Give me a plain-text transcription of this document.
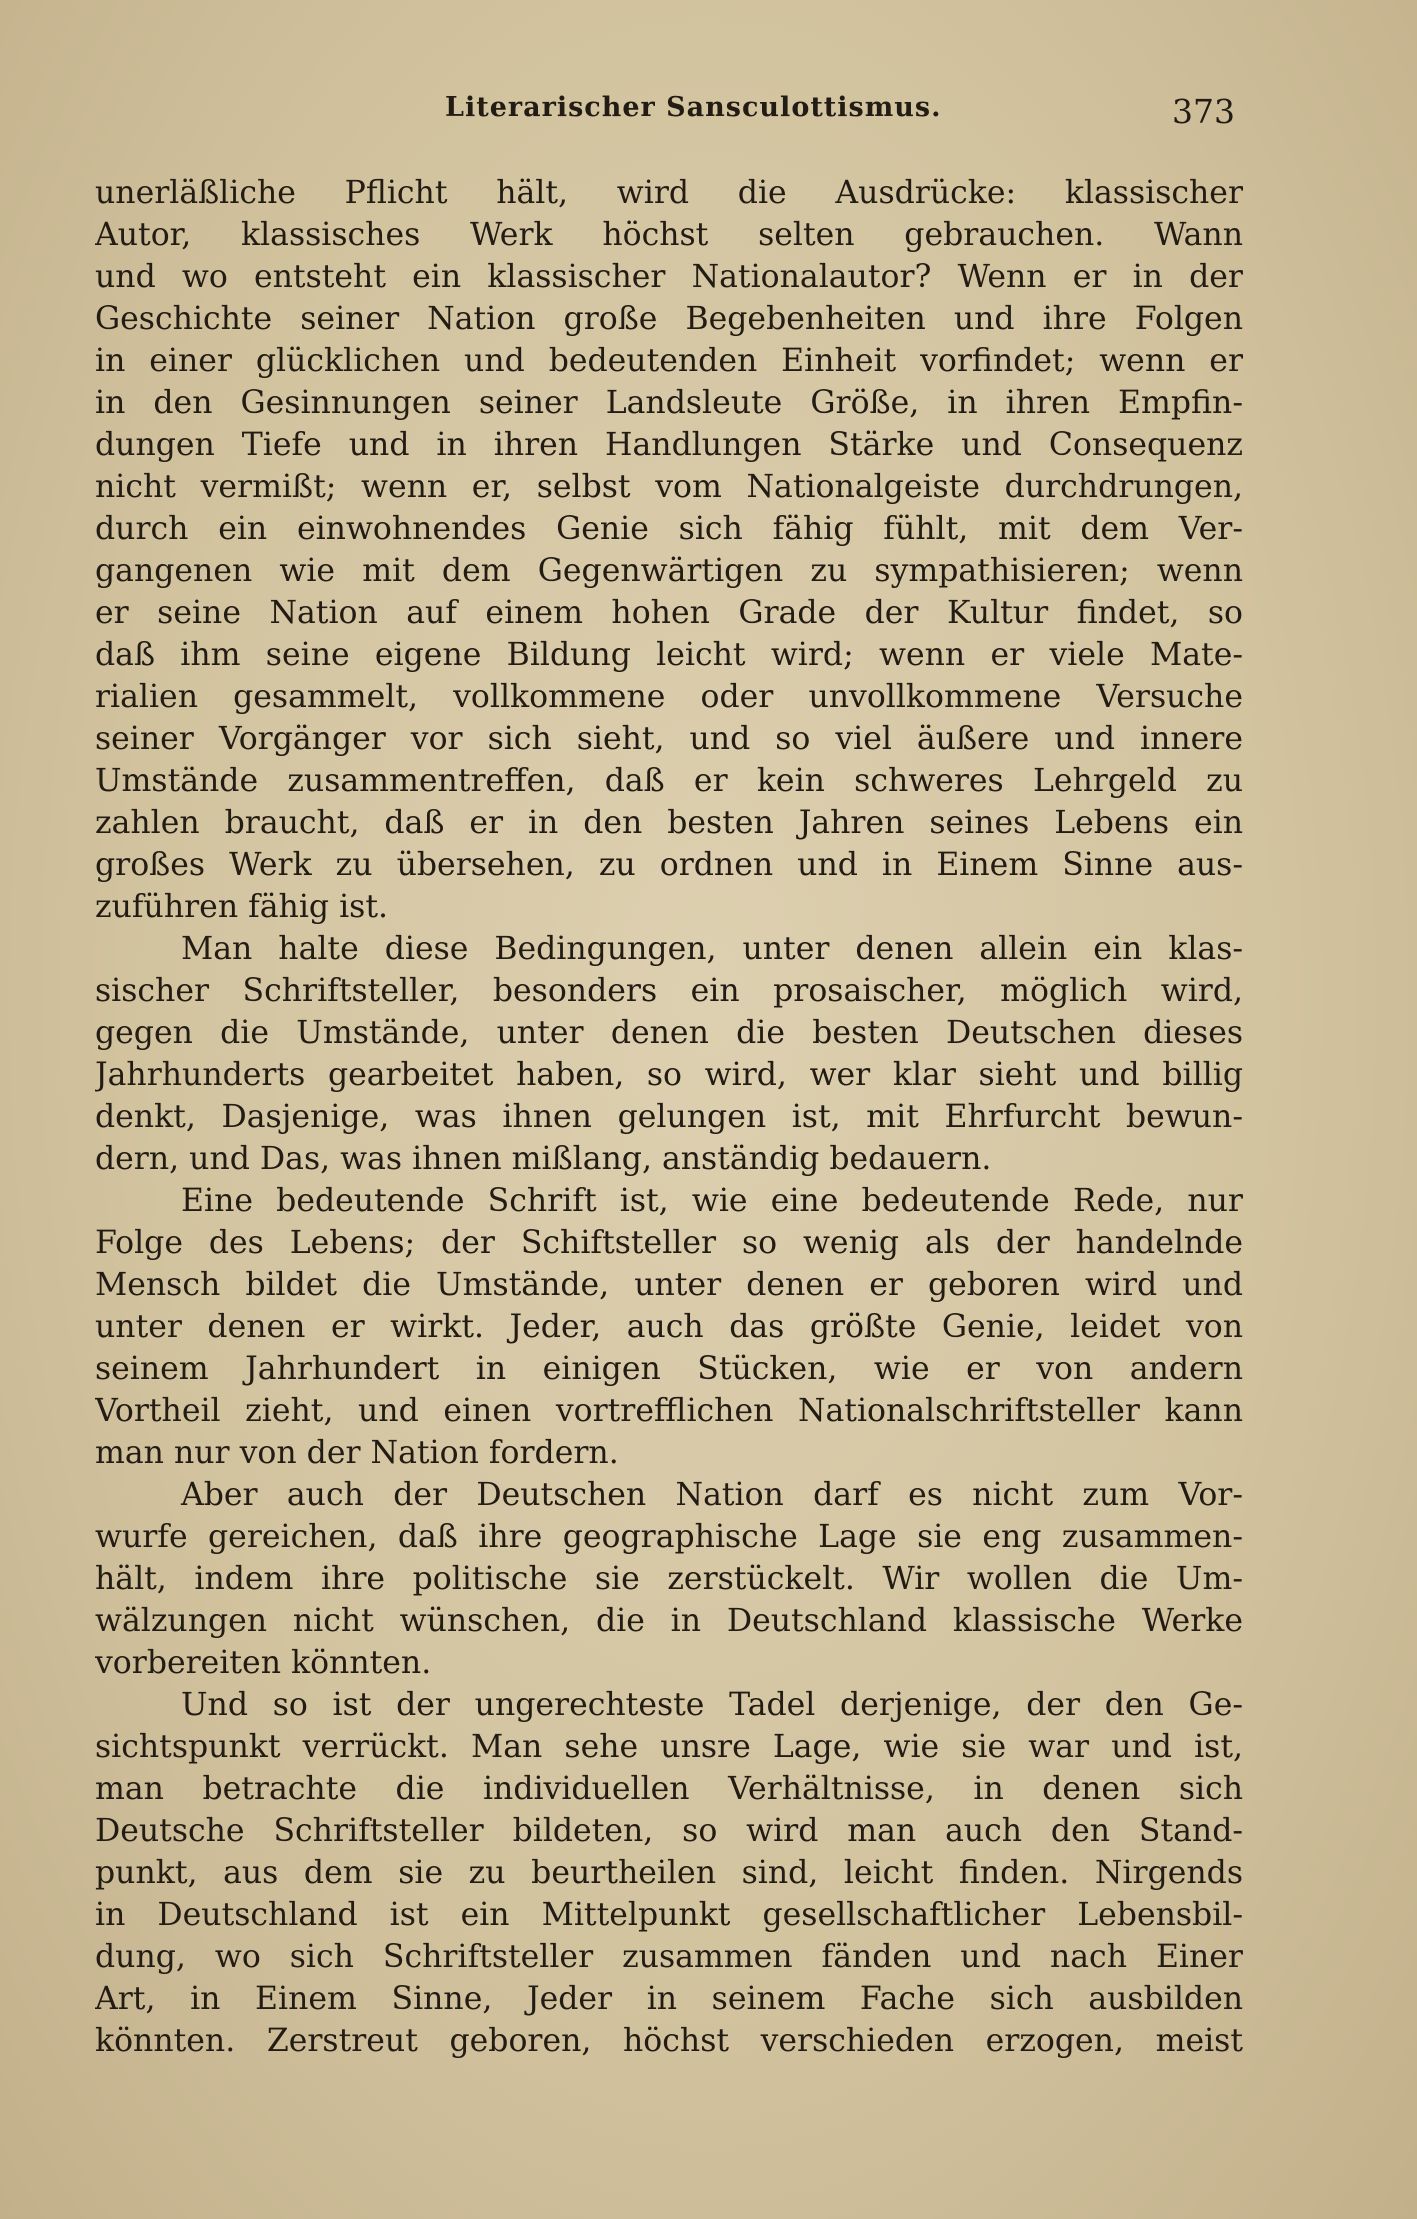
Literarischer Sansculottismus.	373
unerläßliche Pflicht hält, wird die Ausdrücke: klassischer
Autor, klassisches Werk höchst selten gebrauchen. Wann
und wo entsteht ein klassischer Nationalautor? Wenn er in der
Geschichte seiner Nation große Begebenheiten und ihre Folgen
in einer glücklichen und bedeutenden Einheit vorfindet; wenn er
in den Gesinnungen seiner Landsleute Größe, in ihren Empfin-
dungen Tiefe und in ihren Handlungen Stärke und Consequenz
nicht vermißt; wenn er, selbst vom Nationalgeiste durchdrungen,
durch ein einwohnendes Genie sich fähig fühlt, mit dem Ver-
gangenen wie mit dem Gegenwärtigen zu sympathisieren; wenn
er seine Nation auf einem hohen Grade der Kultur findet, so
daß ihm seine eigene Bildung leicht wird; wenn er viele Mate-
rialien gesammelt, vollkommene oder unvollkommene Versuche
seiner Vorgänger vor sich sieht, und so viel äußere und innere
Umstände zusammentreffen, daß er kein schweres Lehrgeld zu
zahlen braucht, daß er in den besten Jahren seines Lebens ein
großes Werk zu übersehen, zu ordnen und in Einem Sinne aus-
zuführen fähig ist.
Man halte diese Bedingungen, unter denen allein ein klas-
sischer Schriftsteller, besonders ein prosaischer, möglich wird,
gegen die Umstände, unter denen die besten Deutschen dieses
Jahrhunderts gearbeitet haben, so wird, wer klar sieht und billig
denkt, Dasjenige, was ihnen gelungen ist, mit Ehrfurcht bewun-
dern, und Das, was ihnen mißlang, anständig bedauern.
Eine bedeutende Schrift ist, wie eine bedeutende Rede, nur
Folge des Lebens; der Schiftsteller so wenig als der handelnde
Mensch bildet die Umstände, unter denen er geboren wird und
unter denen er wirkt. Jeder, auch das größte Genie, leidet von
seinem Jahrhundert in einigen Stücken, wie er von andern
Vortheil zieht, und einen vortrefflichen Nationalschriftsteller kann
man nur von der Nation fordern.
Aber auch der Deutschen Nation darf es nicht zum Vor-
wurfe gereichen, daß ihre geographische Lage sie eng zusammen-
hält, indem ihre politische sie zerstückelt. Wir wollen die Um-
wälzungen nicht wünschen, die in Deutschland klassische Werke
vorbereiten könnten.
Und so ist der ungerechteste Tadel derjenige, der den Ge-
sichtspunkt verrückt. Man sehe unsre Lage, wie sie war und ist,
man betrachte die individuellen Verhältnisse, in denen sich
Deutsche Schriftsteller bildeten, so wird man auch den Stand-
punkt, aus dem sie zu beurtheilen sind, leicht finden. Nirgends
in Deutschland ist ein Mittelpunkt gesellschaftlicher Lebensbil-
dung, wo sich Schriftsteller zusammen fänden und nach Einer
Art, in Einem Sinne, Jeder in seinem Fache sich ausbilden
könnten. Zerstreut geboren, höchst verschieden erzogen, meist
